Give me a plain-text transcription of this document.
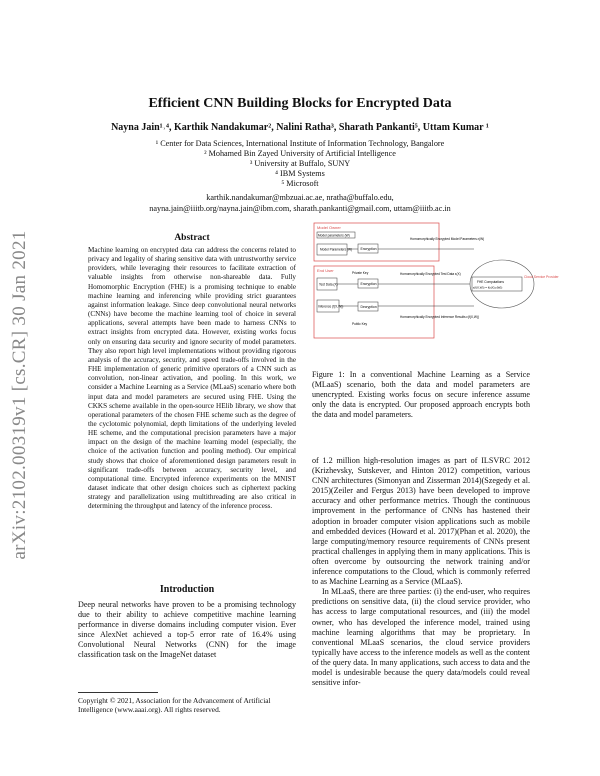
arXiv:2102.00319v1 [cs.CR] 30 Jan 2021
Efficient CNN Building Blocks for Encrypted Data
Nayna Jain¹˒⁴, Karthik Nandakumar², Nalini Ratha³, Sharath Pankanti⁵, Uttam Kumar ¹
¹ Center for Data Sciences, International Institute of Information Technology, Bangalore
² Mohamed Bin Zayed University of Artificial Intelligence
³ University at Buffalo, SUNY
⁴ IBM Systems
⁵ Microsoft
karthik.nandakumar@mbzuai.ac.ae, nratha@buffalo.edu,
nayna.jain@iiitb.org/nayna.jain@ibm.com, sharath.pankanti@gmail.com, uttam@iiitb.ac.in
Abstract
Machine learning on encrypted data can address the concerns related to privacy and legality of sharing sensitive data with untrustworthy service providers, while leveraging their resources to facilitate extraction of valuable insights from otherwise non-shareable data. Fully Homomorphic Encryption (FHE) is a promising technique to enable machine learning and inferencing while providing strict guarantees against information leakage. Since deep convolutional neural networks (CNNs) have become the machine learning tool of choice in several applications, several attempts have been made to harness CNNs to extract insights from encrypted data. However, existing works focus only on ensuring data security and ignore security of model parameters. They also report high level implementations without providing rigorous analysis of the accuracy, security, and speed trade-offs involved in the FHE implementation of generic primitive operators of a CNN such as convolution, non-linear activation, and pooling. In this work, we consider a Machine Learning as a Service (MLaaS) scenario where both input data and model parameters are secured using FHE. Using the CKKS scheme available in the open-source HElib library, we show that operational parameters of the chosen FHE scheme such as the degree of the cyclotomic polynomial, depth limitations of the underlying leveled HE scheme, and the computational precision parameters have a major impact on the design of the machine learning model (especially, the choice of the activation function and pooling method). Our empirical study shows that choice of aforementioned design parameters result in significant trade-offs between accuracy, security level, and computational time. Encrypted inference experiments on the MNIST dataset indicate that other design choices such as ciphertext packing strategy and parallelization using multithreading are also critical in determining the throughput and latency of the inference process.
Introduction
Deep neural networks have proven to be a promising technology due to their ability to achieve competitive machine learning performance in diverse domains including computer vision. Ever since AlexNet achieved a top-5 error rate of 16.4% using Convolutional Neural Networks (CNN) for the image classification task on the ImageNet dataset
Copyright © 2021, Association for the Advancement of Artificial Intelligence (www.aaai.org). All rights reserved.
Model Owner
Model parameters (W)
Model Parameters (W) Encryption
Homomorphically Encrypted Model Parameters ε(W)
End User
Test Data (X)	Encryption
Private Key
Inference (f(X,W))	Decryption
Public Key
Homomorphically Encrypted Test Data ε(X)
Homomorphically Encrypted Inference Results ε(f(X,W))
FHE Computations
ε(f(X,W)) = f(ε(X),ε(W))
Cloud Service Provider
Figure 1: In a conventional Machine Learning as a Service (MLaaS) scenario, both the data and model parameters are unencrypted. Existing works focus on secure inference assume only the data is encrypted. Our proposed approach encrypts both the data and model parameters.

of 1.2 million high-resolution images as part of ILSVRC 2012 (Krizhevsky, Sutskever, and Hinton 2012) competition, various CNN architectures (Simonyan and Zisserman 2014)(Szegedy et al. 2015)(Zeiler and Fergus 2013) have been developed to improve accuracy and other performance metrics. Though the continuous improvement in the performance of CNNs has hastened their adoption in broader computer vision applications such as mobile and embedded devices (Howard et al. 2017)(Phan et al. 2020), the large computing/memory resource requirements of CNNs present practical challenges in applying them in many applications. This is often overcome by outsourcing the network training and/or inference computations to the Cloud, which is commonly referred to as Machine Learning as a Service (MLaaS).

In MLaaS, there are three parties: (i) the end-user, who requires predictions on sensitive data, (ii) the cloud service provider, who has access to large computational resources, and (iii) the model owner, who has developed the inference model, trained using machine learning algorithms that may be proprietary. In conventional MLaaS scenarios, the cloud service providers typically have access to the inference models as well as the content of the query data. In many applications, such access to data and the model is undesirable because the query data/models could reveal sensitive infor-
